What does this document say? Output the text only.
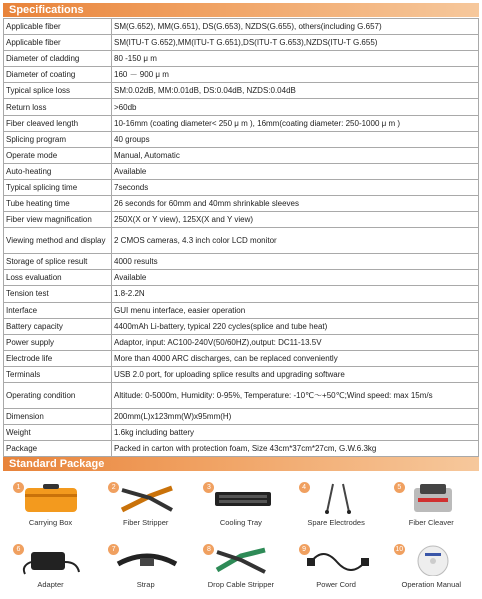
Specifications
Applicable fiber	SM(G.652), MM(G.651), DS(G.653), NZDS(G.655), others(including G.657)
Applicable fiber	SM(ITU-T G.652),MM(ITU-T G.651),DS(ITU-T G.653),NZDS(ITU-T G.655)
Diameter of cladding	80 -150 μ m
Diameter of coating	160 － 900 μ m
Typical splice loss	SM:0.02dB, MM:0.01dB, DS:0.04dB, NZDS:0.04dB
Return loss	>60db
Fiber cleaved length	10-16mm (coating diameter< 250 μ m ), 16mm(coating diameter: 250-1000 μ m )
Splicing program	40 groups
Operate mode	Manual, Automatic
Auto-heating	Available
Typical splicing time	7seconds
Tube heating time	26 seconds for 60mm and 40mm shrinkable sleeves
Fiber view magnification	250X(X or Y view), 125X(X and Y view)
Viewing method and display	2 CMOS cameras, 4.3 inch color LCD monitor
Storage of splice result	4000 results
Loss evaluation	Available
Tension test	1.8-2.2N
Interface	GUI menu interface, easier operation
Battery capacity	4400mAh Li-battery, typical 220 cycles(splice and tube heat)
Power supply	Adaptor, input: AC100-240V(50/60HZ),output: DC11-13.5V
Electrode life	More than 4000 ARC discharges, can be replaced conveniently
Terminals	USB 2.0 port, for uploading splice results and upgrading software
Operating condition	Altitude: 0-5000m, Humidity: 0-95%, Temperature: -10℃～+50℃;Wind speed: max 15m/s
Dimension	200mm(L)x123mm(W)x95mm(H)
Weight	1.6kg including battery
Package	Packed in carton with protection foam, Size 43cm*37cm*27cm, G.W.6.3kg
Standard Package
1
Carrying Box
2
Fiber Stripper
3
Cooling Tray
4
Spare Electrodes
5
Fiber Cleaver
6
Adapter
7
Strap
8
Drop Cable Stripper
9
Power Cord
10
Operation Manual
